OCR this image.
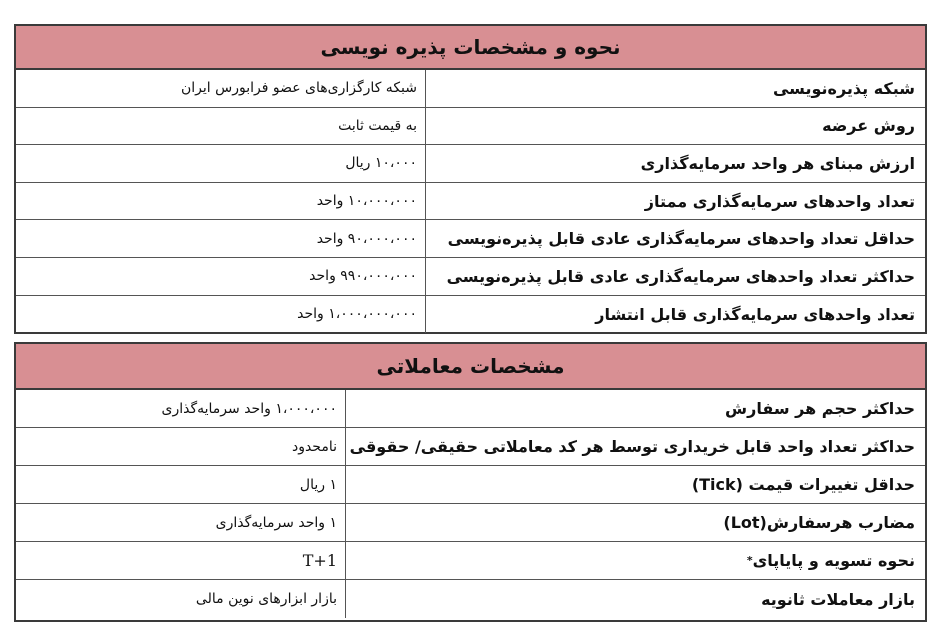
نحوه و مشخصات پذیره نویسی
شبکه پذیره‌نویسی
شبکه کارگزاری‌های عضو فرابورس ایران
روش عرضه
به قیمت ثابت
ارزش مبنای هر واحد سرمایه‌گذاری
۱۰،۰۰۰ ریال
تعداد واحدهای سرمایه‌گذاری ممتاز
۱۰،۰۰۰،۰۰۰ واحد
حداقل تعداد واحدهای سرمایه‌گذاری عادی قابل پذیره‌نویسی
۹۰،۰۰۰،۰۰۰ واحد
حداکثر تعداد واحدهای سرمایه‌گذاری عادی قابل پذیره‌نویسی
۹۹۰،۰۰۰،۰۰۰ واحد
تعداد واحدهای سرمایه‌گذاری قابل انتشار
۱،۰۰۰،۰۰۰،۰۰۰ واحد
مشخصات معاملاتی
حداکثر حجم هر سفارش
۱،۰۰۰،۰۰۰ واحد سرمایه‌گذاری
حداکثر تعداد واحد قابل خریداری توسط هر کد معاملاتی حقیقی/ حقوقی
نامحدود
حداقل تغییرات قیمت (Tick)
۱ ریال
مضارب هرسفارش(Lot)
۱ واحد سرمایه‌گذاری
نحوه تسویه و پایاپای
*
T+1
بازار معاملات ثانویه
بازار ابزارهای نوین مالی
